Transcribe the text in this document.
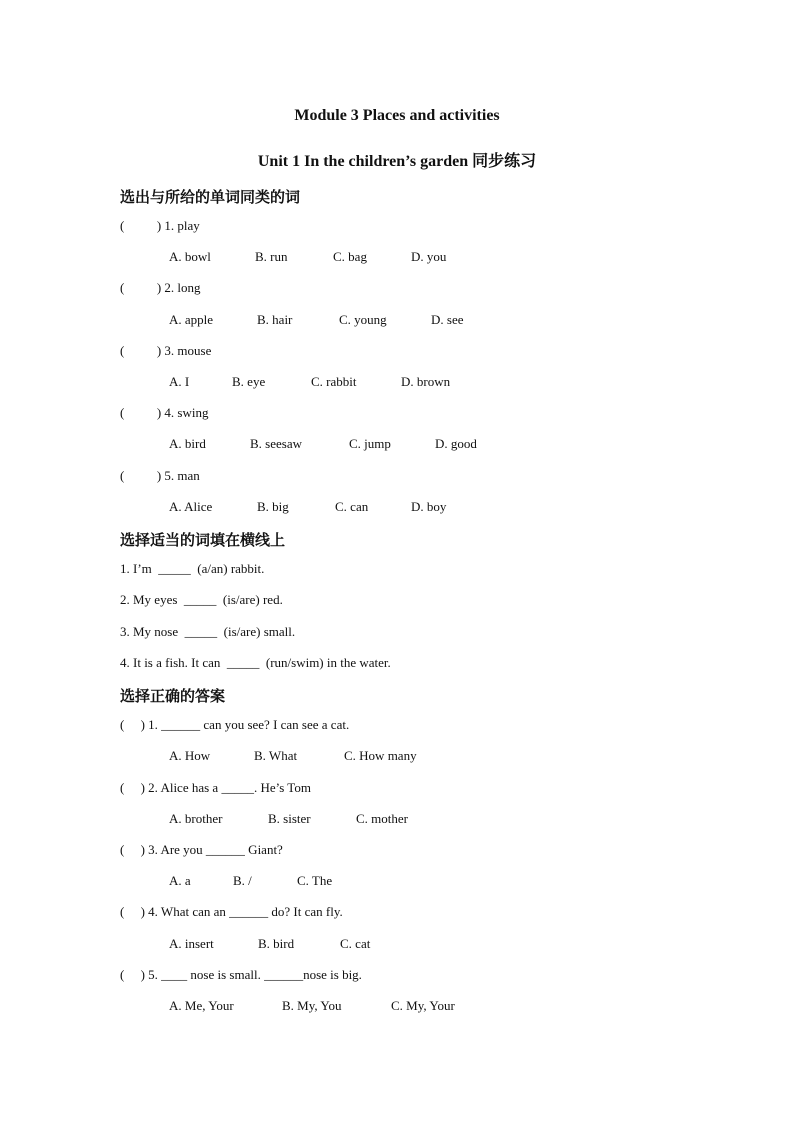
Module 3 Places and activities
Unit 1 In the children’s garden 同步练习
选出与所给的单词同类的词
(          ) 1. play
A. bowl	B. run	C. bag	D. you
(          ) 2. long
A. apple	B. hair	C. young	D. see
(          ) 3. mouse
A. I	B. eye	C. rabbit	D. brown
(          ) 4. swing
A. bird	B. seesaw	C. jump	D. good
(          ) 5. man
A. Alice	B. big	C. can	D. boy
选择适当的词填在横线上
1. I’m  _____  (a/an) rabbit.
2. My eyes  _____  (is/are) red.
3. My nose  _____  (is/are) small.
4. It is a fish. It can  _____  (run/swim) in the water.
选择正确的答案
(     ) 1. ______ can you see? I can see a cat.
A. How	B. What	C. How many
(     ) 2. Alice has a _____. He’s Tom
A. brother	B. sister	C. mother
(     ) 3. Are you ______ Giant?
A. a	B. /	C. The
(     ) 4. What can an ______ do? It can fly.
A. insert	B. bird	C. cat
(     ) 5. ____ nose is small. ______nose is big.
A. Me, Your	B. My, You	C. My, Your
